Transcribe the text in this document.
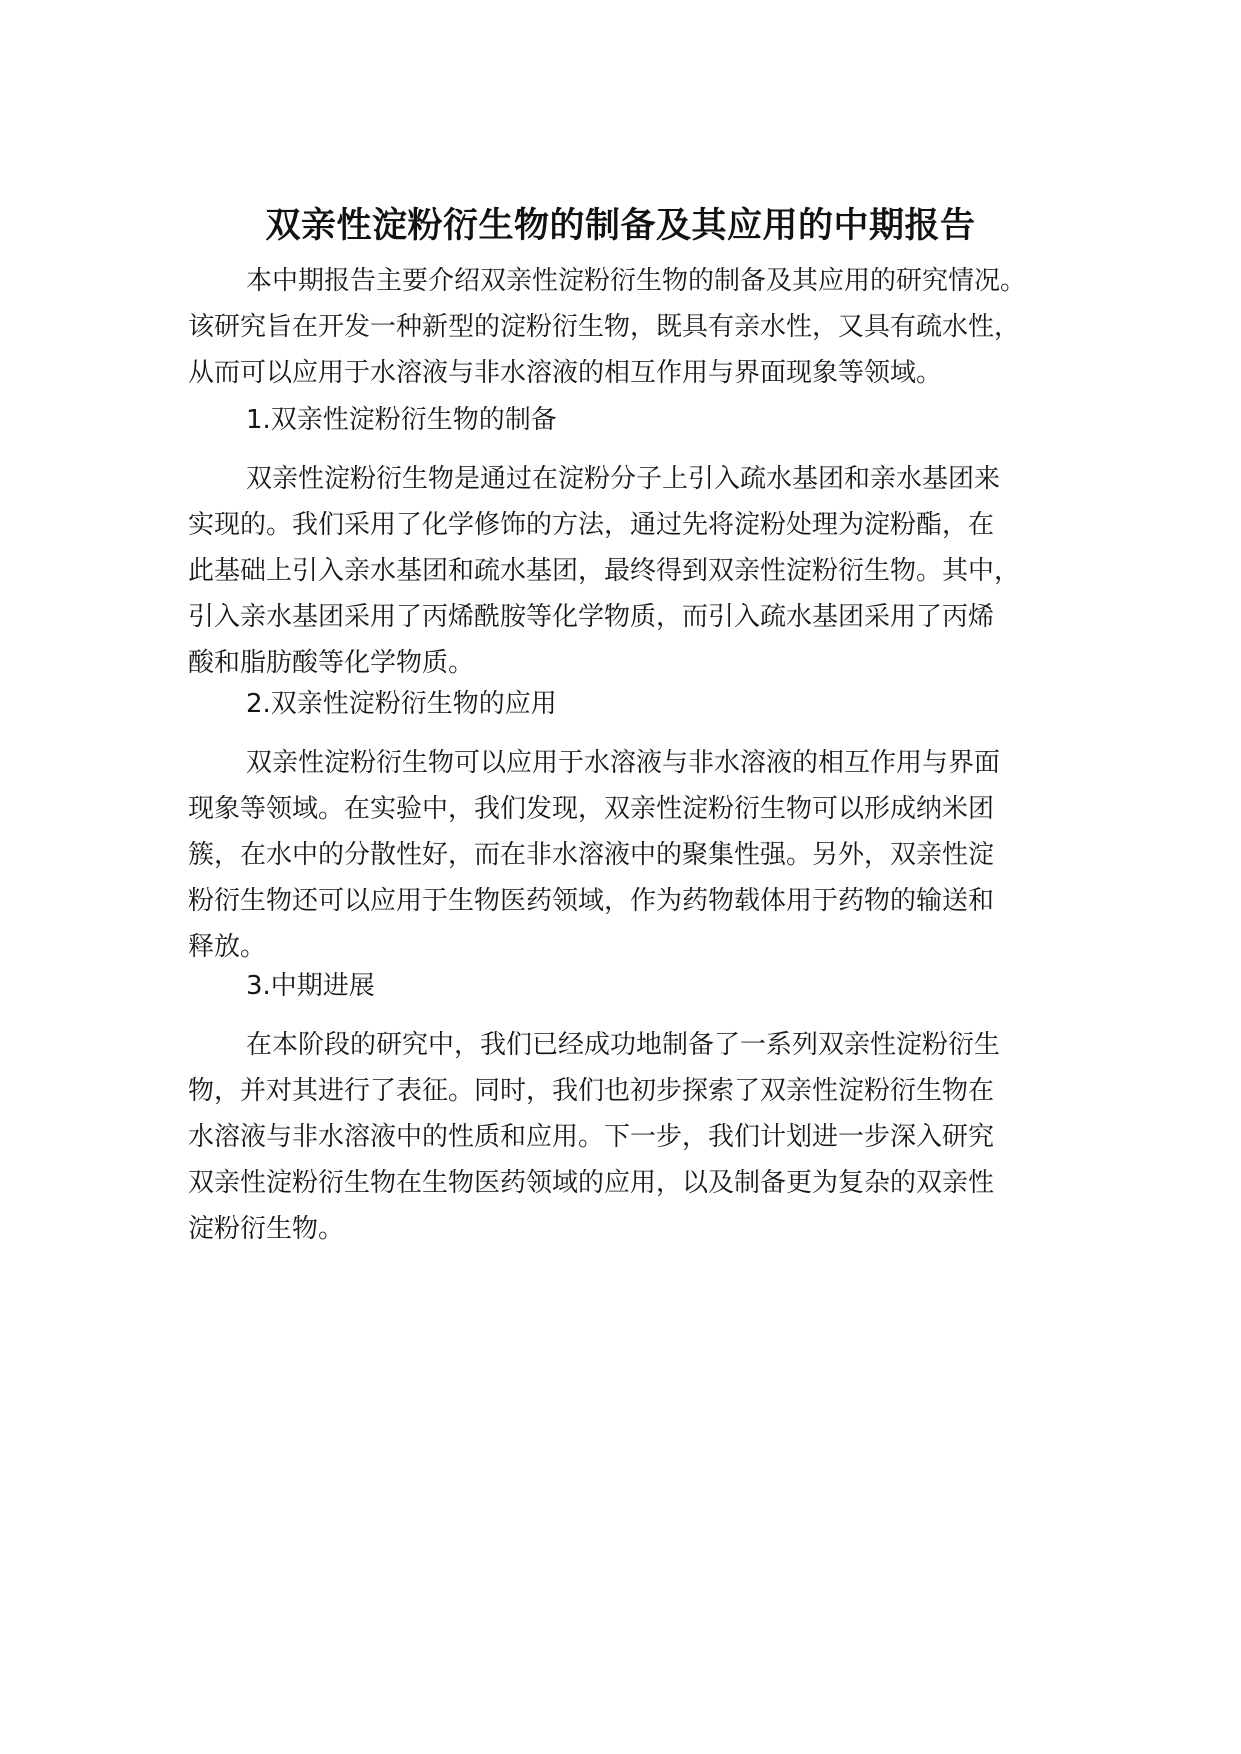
双亲性淀粉衍生物的制备及其应用的中期报告
本中期报告主要介绍双亲性淀粉衍生物的制备及其应用的研究情况。
该研究旨在开发一种新型的淀粉衍生物，既具有亲水性，又具有疏水性，
从而可以应用于水溶液与非水溶液的相互作用与界面现象等领域。
1.双亲性淀粉衍生物的制备
双亲性淀粉衍生物是通过在淀粉分子上引入疏水基团和亲水基团来
实现的。我们采用了化学修饰的方法，通过先将淀粉处理为淀粉酯，在
此基础上引入亲水基团和疏水基团，最终得到双亲性淀粉衍生物。其中，
引入亲水基团采用了丙烯酰胺等化学物质，而引入疏水基团采用了丙烯
酸和脂肪酸等化学物质。
2.双亲性淀粉衍生物的应用
双亲性淀粉衍生物可以应用于水溶液与非水溶液的相互作用与界面
现象等领域。在实验中，我们发现，双亲性淀粉衍生物可以形成纳米团
簇，在水中的分散性好，而在非水溶液中的聚集性强。另外，双亲性淀
粉衍生物还可以应用于生物医药领域，作为药物载体用于药物的输送和
释放。
3.中期进展
在本阶段的研究中，我们已经成功地制备了一系列双亲性淀粉衍生
物，并对其进行了表征。同时，我们也初步探索了双亲性淀粉衍生物在
水溶液与非水溶液中的性质和应用。下一步，我们计划进一步深入研究
双亲性淀粉衍生物在生物医药领域的应用，以及制备更为复杂的双亲性
淀粉衍生物。
